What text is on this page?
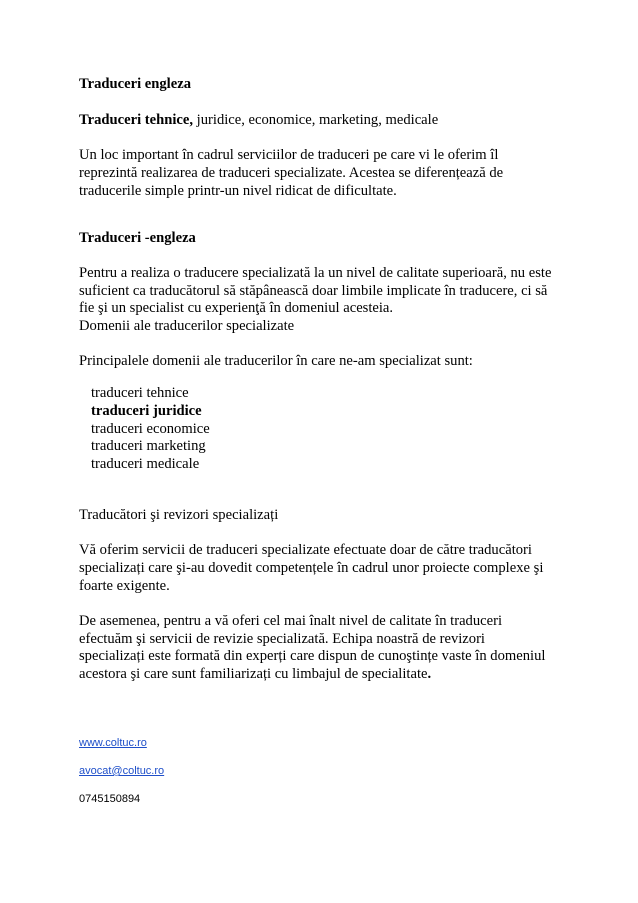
Traduceri engleza

Traduceri tehnice, juridice, economice, marketing, medicale

Un loc important în cadrul serviciilor de traduceri pe care vi le oferim îl

reprezintă realizarea de traduceri specializate. Acestea se diferențează de

traducerile simple printr-un nivel ridicat de dificultate.

Traduceri -engleza

Pentru a realiza o traducere specializată la un nivel de calitate superioară, nu este

suficient ca traducătorul să stăpânească doar limbile implicate în traducere, ci să

fie şi un specialist cu experienţă în domeniul acesteia.

Domenii ale traducerilor specializate

Principalele domenii ale traducerilor în care ne-am specializat sunt:

traduceri tehnice

traduceri juridice

traduceri economice

traduceri marketing

traduceri medicale

Traducători şi revizori specializați

Vă oferim servicii de traduceri specializate efectuate doar de către traducători

specializați care şi-au dovedit competențele în cadrul unor proiecte complexe şi

foarte exigente.

De asemenea, pentru a vă oferi cel mai înalt nivel de calitate în traduceri

efectuăm şi servicii de revizie specializată. Echipa noastră de revizori

specializați este formată din experți care dispun de cunoştințe vaste în domeniul

acestora şi care sunt familiarizați cu limbajul de specialitate.

www.coltuc.ro
avocat@coltuc.ro
0745150894
